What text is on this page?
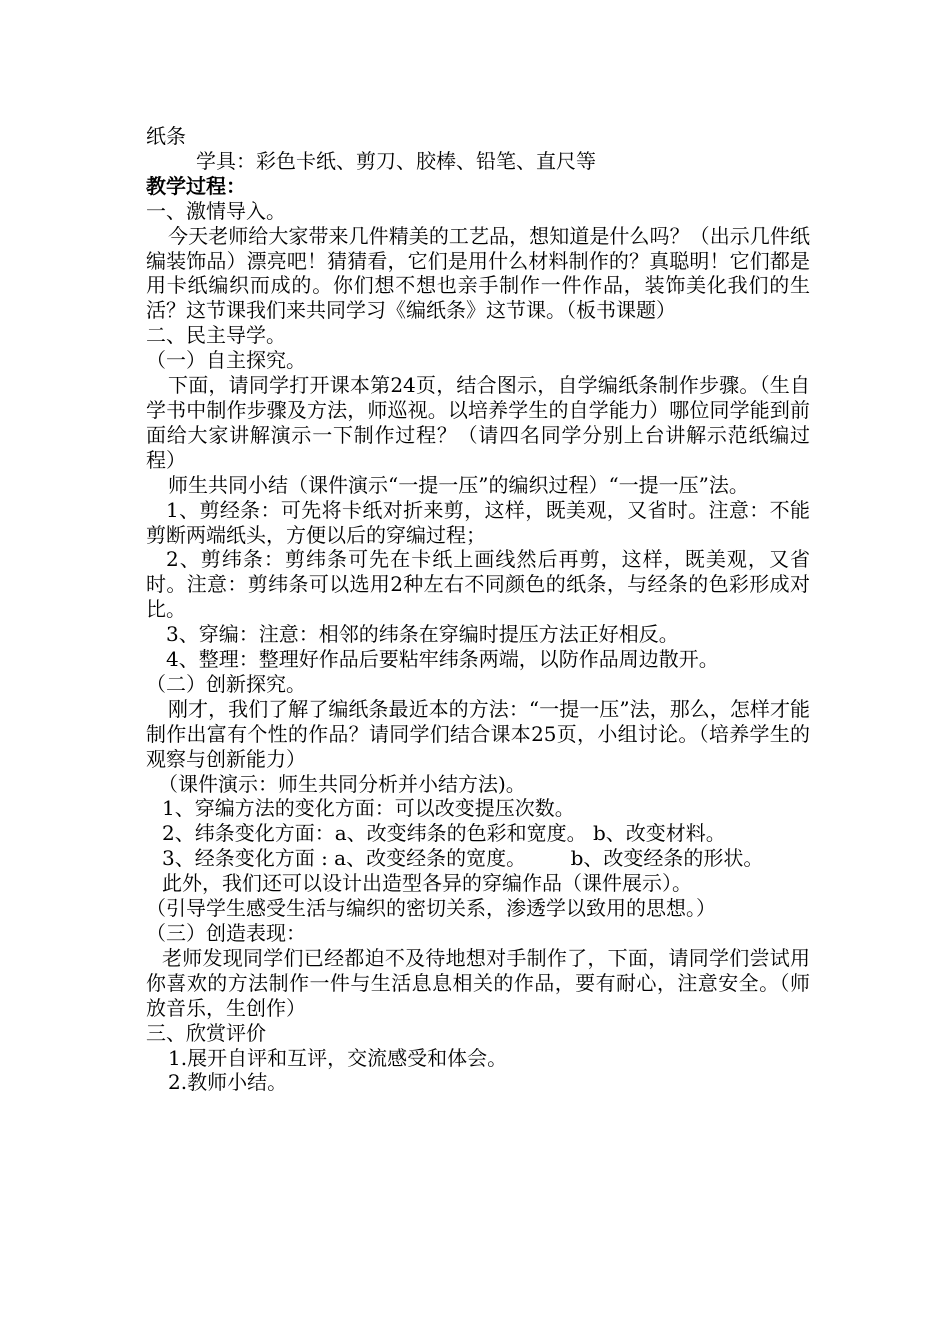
纸条

学具：彩色卡纸、剪刀、胶棒、铅笔、直尺等

教学过程：

一、激情导入。

今天老师给大家带来几件精美的工艺品，想知道是什么吗？（出示几件纸编装饰品）漂亮吧！猜猜看，它们是用什么材料制作的？真聪明！它们都是用卡纸编织而成的。你们想不想也亲手制作一件作品，装饰美化我们的生活？这节课我们来共同学习《编纸条》这节课。（板书课题）

二、民主导学。

（一）自主探究。

下面，请同学打开课本第24页，结合图示，自学编纸条制作步骤。（生自学书中制作步骤及方法，师巡视。以培养学生的自学能力）哪位同学能到前面给大家讲解演示一下制作过程？（请四名同学分别上台讲解示范纸编过程）

师生共同小结（课件演示“一提一压”的编织过程）“一提一压”法。

1、剪经条：可先将卡纸对折来剪，这样，既美观，又省时。注意：不能剪断两端纸头，方便以后的穿编过程；

2、剪纬条：剪纬条可先在卡纸上画线然后再剪，这样，既美观，又省时。注意：剪纬条可以选用2种左右不同颜色的纸条，与经条的色彩形成对比。

3、穿编：注意：相邻的纬条在穿编时提压方法正好相反。

4、整理：整理好作品后要粘牢纬条两端，以防作品周边散开。

（二）创新探究。

刚才，我们了解了编纸条最近本的方法：“一提一压”法，那么，怎样才能制作出富有个性的作品？请同学们结合课本25页，小组讨论。（培养学生的观察与创新能力）

（课件演示：师生共同分析并小结方法)。

1、穿编方法的变化方面：可以改变提压次数。

2、纬条变化方面：a、改变纬条的色彩和宽度。 b、改变材料。

3、经条变化方面 : a、改变经条的宽度。       b、改变经条的形状。

此外，我们还可以设计出造型各异的穿编作品（课件展示）。

（引导学生感受生活与编织的密切关系，渗透学以致用的思想。）

（三）创造表现：

老师发现同学们已经都迫不及待地想对手制作了，下面，请同学们尝试用你喜欢的方法制作一件与生活息息相关的作品，要有耐心，注意安全。（师放音乐，生创作）

三、欣赏评价

1.展开自评和互评，交流感受和体会。

2.教师小结。
